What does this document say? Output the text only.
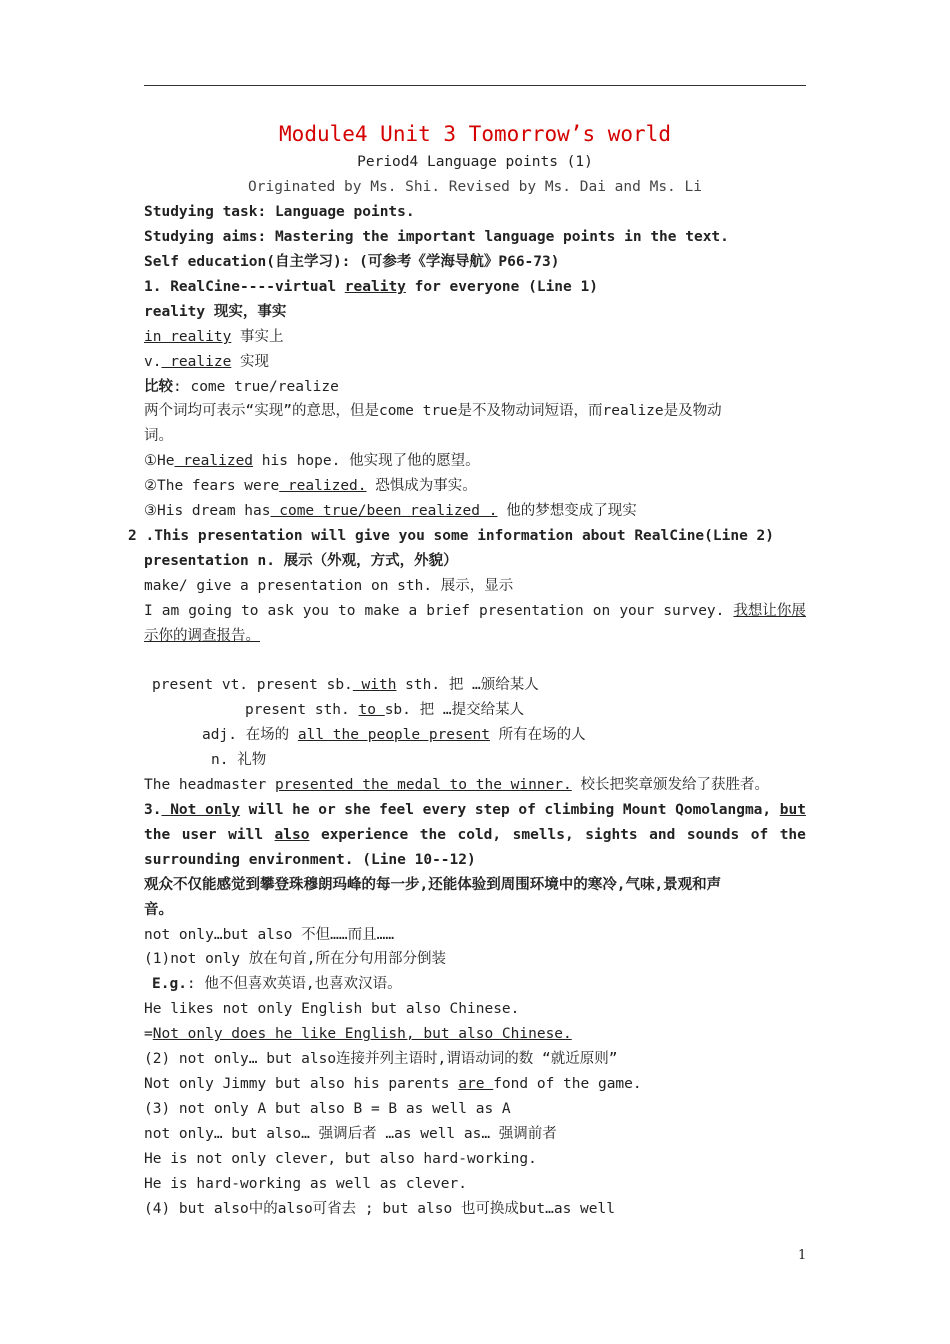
Module4 Unit 3 Tomorrow’s world
Period4 Language points (1)
Originated by Ms. Shi. Revised by Ms. Dai and Ms. Li
Studying task: Language points.
Studying aims: Mastering the important language points in the text.
Self education(自主学习): (可参考《学海导航》P66-73)
1. RealCine----virtual reality for everyone (Line 1)
reality 现实，事实
in reality 事实上
v. realize 实现
比较: come true/realize
两个词均可表示“实现”的意思，但是come true是不及物动词短语，而realize是及物动
词。
①He realized his hope. 他实现了他的愿望。
②The fears were realized. 恐惧成为事实。
③His dream has come true/been realized . 他的梦想变成了现实
2 .This presentation will give you some information about RealCine(Line 2)
presentation n. 展示（外观，方式，外貌）
make/ give a presentation on sth. 展示，显示
I am going to ask you to make a brief presentation on your survey. 我想让你展
示你的调查报告。
present vt. present sb. with sth. 把 …颁给某人
present sth. to sb. 把 …提交给某人
adj. 在场的 all the people present 所有在场的人
n. 礼物
The headmaster presented the medal to the winner. 校长把奖章颁发给了获胜者。
3. Not only will he or she feel every step of climbing Mount Qomolangma, but
the user will also experience the cold, smells, sights and sounds of the
surrounding environment. (Line 10--12)
观众不仅能感觉到攀登珠穆朗玛峰的每一步,还能体验到周围环境中的寒冷,气味,景观和声
音。
not only…but also 不但……而且……
(1)not only 放在句首,所在分句用部分倒装
E.g.: 他不但喜欢英语,也喜欢汉语。
He likes not only English but also Chinese.
=Not only does he like English, but also Chinese.
(2) not only… but also连接并列主语时,谓语动词的数 “就近原则”
Not only Jimmy but also his parents are fond of the game.
(3) not only A but also B = B as well as A
not only… but also… 强调后者 …as well as… 强调前者
He is not only clever, but also hard-working.
He is hard-working as well as clever.
(4) but also中的also可省去 ; but also 也可换成but…as well
1
